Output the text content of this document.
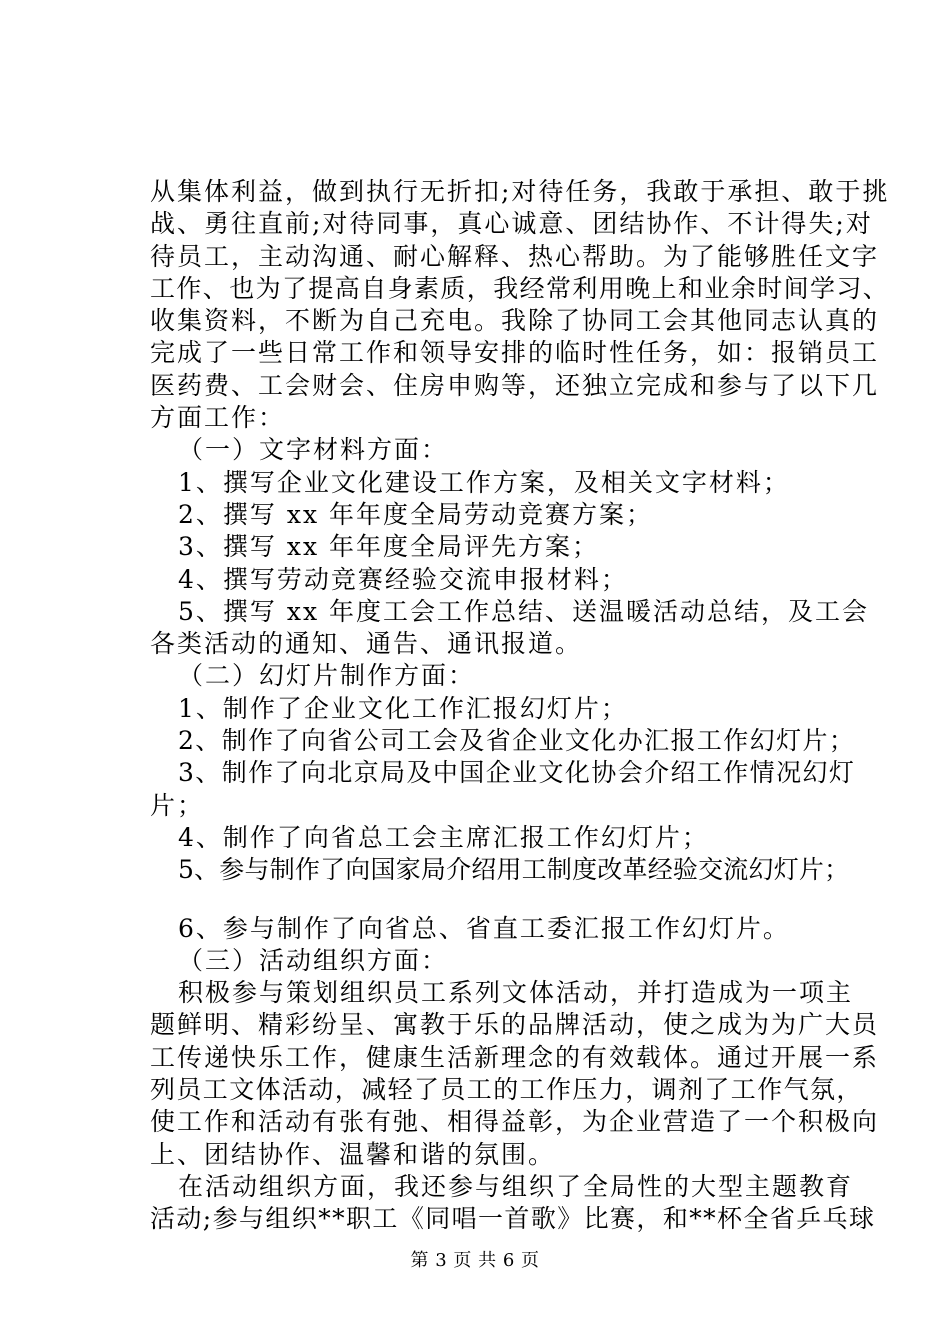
从集体利益，做到执行无折扣;对待任务，我敢于承担、敢于挑
战、勇往直前;对待同事，真心诚意、团结协作、不计得失;对
待员工，主动沟通、耐心解释、热心帮助。为了能够胜任文字
工作、也为了提高自身素质，我经常利用晚上和业余时间学习、
收集资料，不断为自己充电。我除了协同工会其他同志认真的
完成了一些日常工作和领导安排的临时性任务，如：报销员工
医药费、工会财会、住房申购等，还独立完成和参与了以下几
方面工作：
（一）文字材料方面：
1、撰写企业文化建设工作方案，及相关文字材料；
2、撰写 xx 年年度全局劳动竞赛方案；
3、撰写 xx 年年度全局评先方案；
4、撰写劳动竞赛经验交流申报材料；
5、撰写 xx 年度工会工作总结、送温暖活动总结，及工会
各类活动的通知、通告、通讯报道。
（二）幻灯片制作方面：
1、制作了企业文化工作汇报幻灯片；
2、制作了向省公司工会及省企业文化办汇报工作幻灯片；
3、制作了向北京局及中国企业文化协会介绍工作情况幻灯
片；
4、制作了向省总工会主席汇报工作幻灯片；
5、参与制作了向国家局介绍用工制度改革经验交流幻灯片；
6、参与制作了向省总、省直工委汇报工作幻灯片。
（三）活动组织方面：
积极参与策划组织员工系列文体活动，并打造成为一项主
题鲜明、精彩纷呈、寓教于乐的品牌活动，使之成为为广大员
工传递快乐工作，健康生活新理念的有效载体。通过开展一系
列员工文体活动，减轻了员工的工作压力，调剂了工作气氛，
使工作和活动有张有弛、相得益彰，为企业营造了一个积极向
上、团结协作、温馨和谐的氛围。
在活动组织方面，我还参与组织了全局性的大型主题教育
活动;参与组织**职工《同唱一首歌》比赛，和**杯全省乒乓球
第 3 页 共 6 页
